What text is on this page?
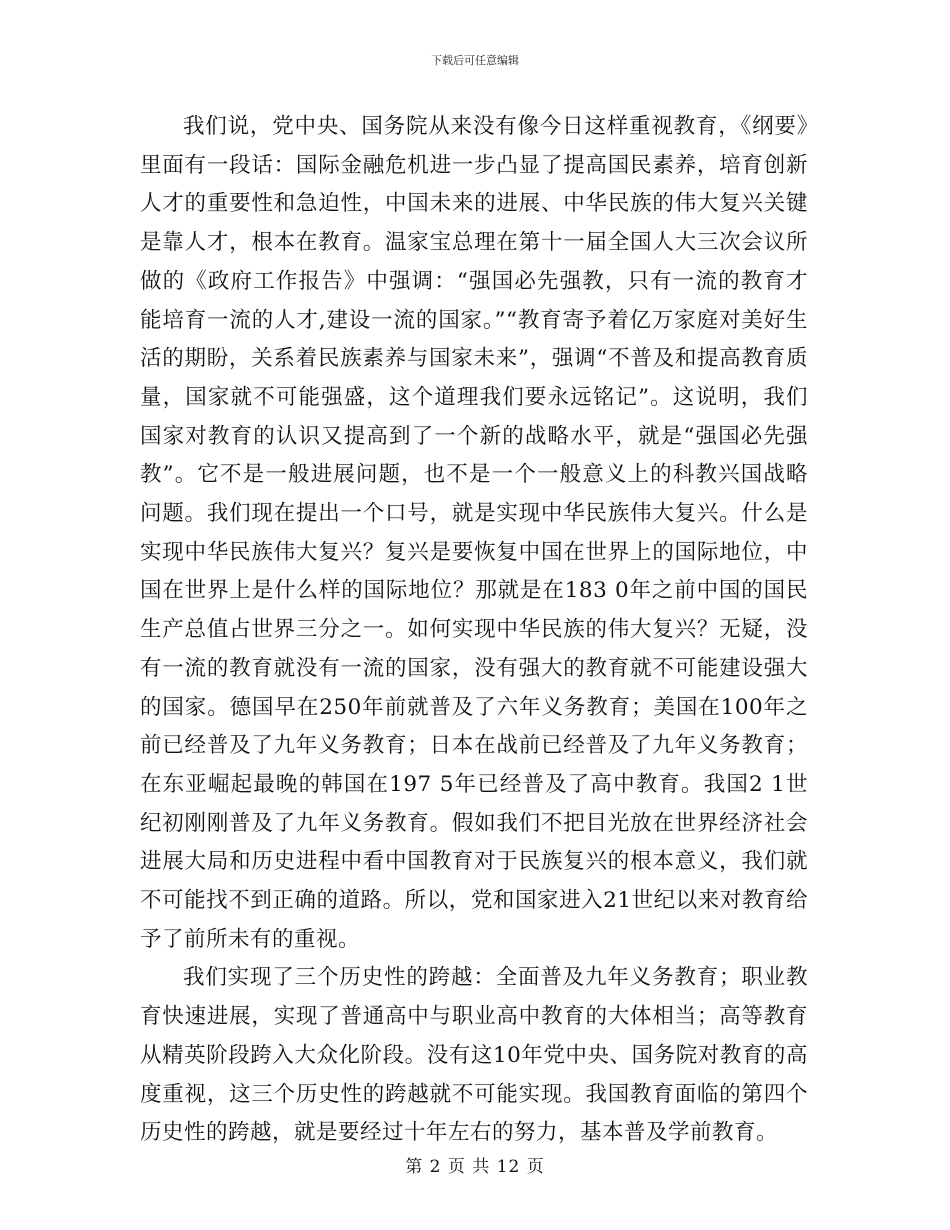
下载后可任意编辑

我们说，党中央、国务院从来没有像今日这样重视教育，《纲要》里面有一段话：国际金融危机进一步凸显了提高国民素养，培育创新人才的重要性和急迫性，中国未来的进展、中华民族的伟大复兴关键是靠人才，根本在教育。温家宝总理在第十一届全国人大三次会议所做的《政府工作报告》中强调：“强国必先强教，只有一流的教育才能培育一流的人才,建设一流的国家。”“教育寄予着亿万家庭对美好生活的期盼，关系着民族素养与国家未来”，强调“不普及和提高教育质量，国家就不可能强盛，这个道理我们要永远铭记”。这说明，我们国家对教育的认识又提高到了一个新的战略水平，就是“强国必先强教”。它不是一般进展问题，也不是一个一般意义上的科教兴国战略问题。我们现在提出一个口号，就是实现中华民族伟大复兴。什么是实现中华民族伟大复兴？复兴是要恢复中国在世界上的国际地位，中国在世界上是什么样的国际地位？那就是在183 0年之前中国的国民生产总值占世界三分之一。如何实现中华民族的伟大复兴？无疑，没有一流的教育就没有一流的国家，没有强大的教育就不可能建设强大的国家。德国早在250年前就普及了六年义务教育；美国在100年之前已经普及了九年义务教育；日本在战前已经普及了九年义务教育；在东亚崛起最晚的韩国在197 5年已经普及了高中教育。我国2 1世纪初刚刚普及了九年义务教育。假如我们不把目光放在世界经济社会进展大局和历史进程中看中国教育对于民族复兴的根本意义，我们就不可能找不到正确的道路。所以，党和国家进入21世纪以来对教育给予了前所未有的重视。

我们实现了三个历史性的跨越：全面普及九年义务教育；职业教育快速进展，实现了普通高中与职业高中教育的大体相当；高等教育从精英阶段跨入大众化阶段。没有这10年党中央、国务院对教育的高度重视，这三个历史性的跨越就不可能实现。我国教育面临的第四个历史性的跨越，就是要经过十年左右的努力，基本普及学前教育。

第 2 页 共 12 页
